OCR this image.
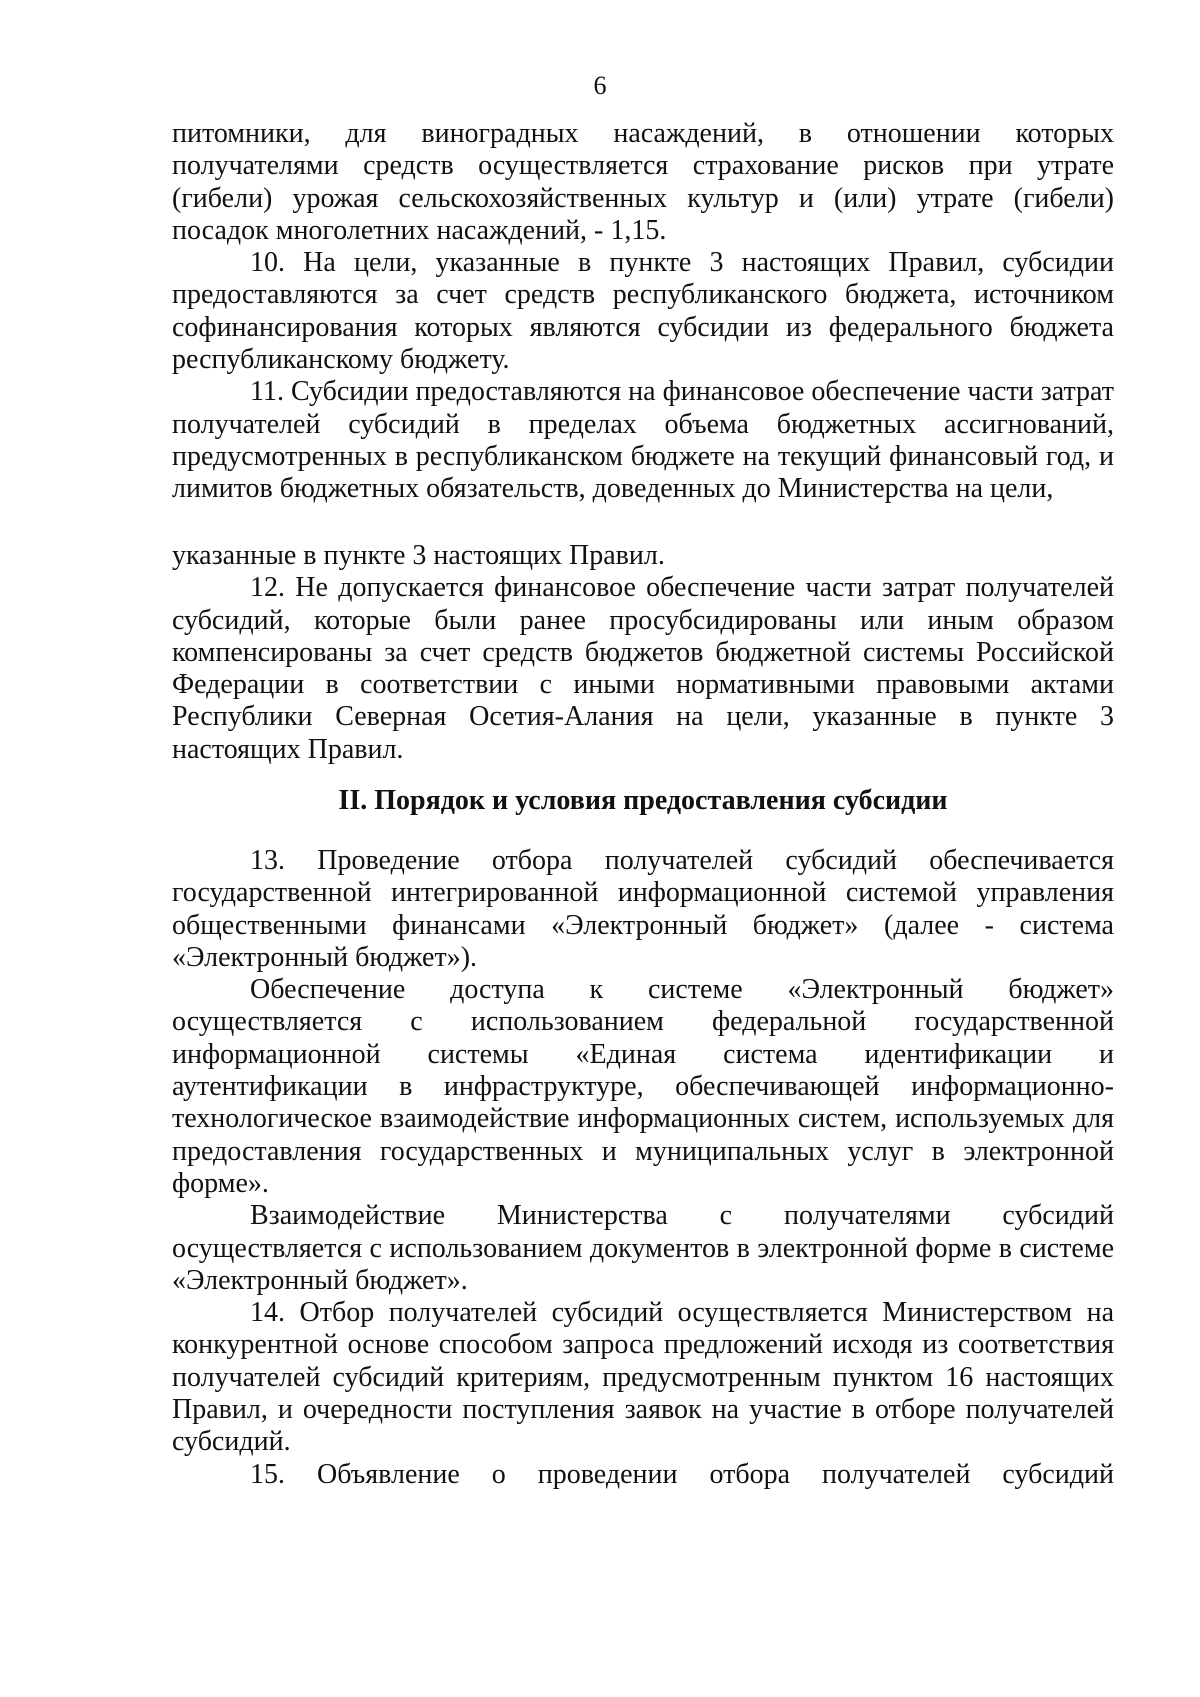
6

питомники, для виноградных насаждений, в отношении которых получателями средств осуществляется страхование рисков при утрате (гибели) урожая сельскохозяйственных культур и (или) утрате (гибели) посадок многолетних насаждений, - 1,15.

10. На цели, указанные в пункте 3 настоящих Правил, субсидии предоставляются за счет средств республиканского бюджета, источником софинансирования которых являются субсидии из федерального бюджета республиканскому бюджету.

11. Субсидии предоставляются на финансовое обеспечение части затрат получателей субсидий в пределах объема бюджетных ассигнований, предусмотренных в республиканском бюджете на текущий финансовый год, и лимитов бюджетных обязательств, доведенных до Министерства на цели,

указанные в пункте 3 настоящих Правил.

12. Не допускается финансовое обеспечение части затрат получателей субсидий, которые были ранее просубсидированы или иным образом компенсированы за счет средств бюджетов бюджетной системы Российской Федерации в соответствии с иными нормативными правовыми актами Республики Северная Осетия-Алания на цели, указанные в пункте 3 настоящих Правил.

II. Порядок и условия предоставления субсидии

13. Проведение отбора получателей субсидий обеспечивается государственной интегрированной информационной системой управления общественными финансами «Электронный бюджет» (далее - система «Электронный бюджет»).

Обеспечение доступа к системе «Электронный бюджет» осуществляется с использованием федеральной государственной информационной системы «Единая система идентификации и аутентификации в инфраструктуре, обеспечивающей информационно-технологическое взаимодействие информационных систем, используемых для предоставления государственных и муниципальных услуг в электронной форме».

Взаимодействие Министерства с получателями субсидий осуществляется с использованием документов в электронной форме в системе «Электронный бюджет».

14. Отбор получателей субсидий осуществляется Министерством на конкурентной основе способом запроса предложений исходя из соответствия получателей субсидий критериям, предусмотренным пунктом 16 настоящих Правил, и очередности поступления заявок на участие в отборе получателей субсидий.

15. Объявление о проведении отбора получателей субсидий
